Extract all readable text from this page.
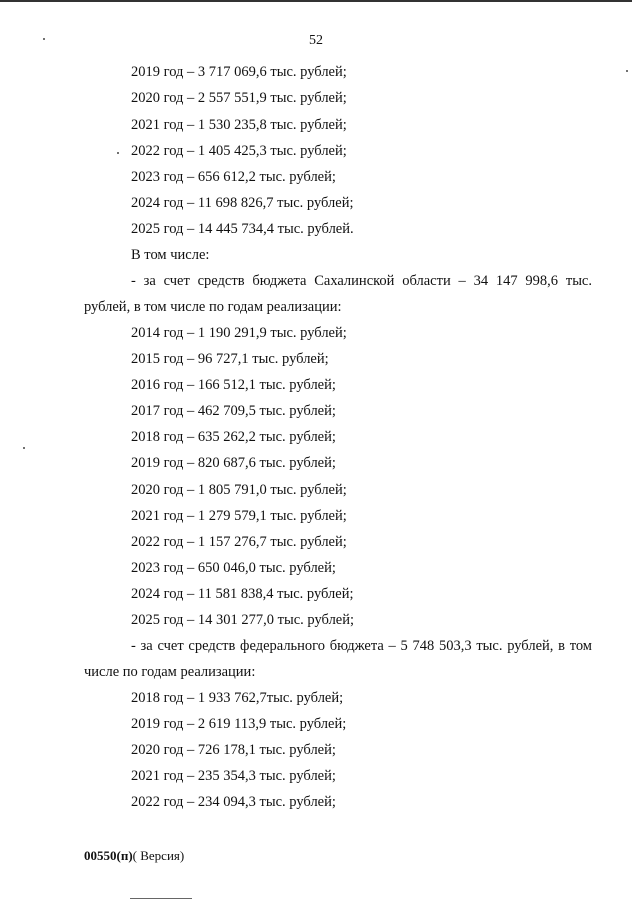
52
2019 год – 3 717 069,6 тыс. рублей;
2020 год – 2 557 551,9 тыс. рублей;
2021 год – 1 530 235,8 тыс. рублей;
2022 год – 1 405 425,3 тыс. рублей;
2023 год – 656 612,2 тыс. рублей;
2024 год – 11 698 826,7 тыс. рублей;
2025 год – 14 445 734,4 тыс. рублей.
В том числе:
- за счет средств бюджета Сахалинской области – 34 147 998,6 тыс.
рублей, в том числе по годам реализации:
2014 год – 1 190 291,9 тыс. рублей;
2015 год – 96 727,1 тыс. рублей;
2016 год – 166 512,1 тыс. рублей;
2017 год – 462 709,5 тыс. рублей;
2018 год – 635 262,2 тыс. рублей;
2019 год – 820 687,6 тыс. рублей;
2020 год – 1 805 791,0 тыс. рублей;
2021 год – 1 279 579,1 тыс. рублей;
2022 год – 1 157 276,7 тыс. рублей;
2023 год – 650 046,0 тыс. рублей;
2024 год – 11 581 838,4 тыс. рублей;
2025 год – 14 301 277,0 тыс. рублей;
- за счет средств федерального бюджета – 5 748 503,3 тыс. рублей, в том
числе по годам реализации:
2018 год – 1 933 762,7тыс. рублей;
2019 год – 2 619 113,9 тыс. рублей;
2020 год – 726 178,1 тыс. рублей;
2021 год – 235 354,3 тыс. рублей;
2022 год – 234 094,3 тыс. рублей;
00550(п)( Версия)
